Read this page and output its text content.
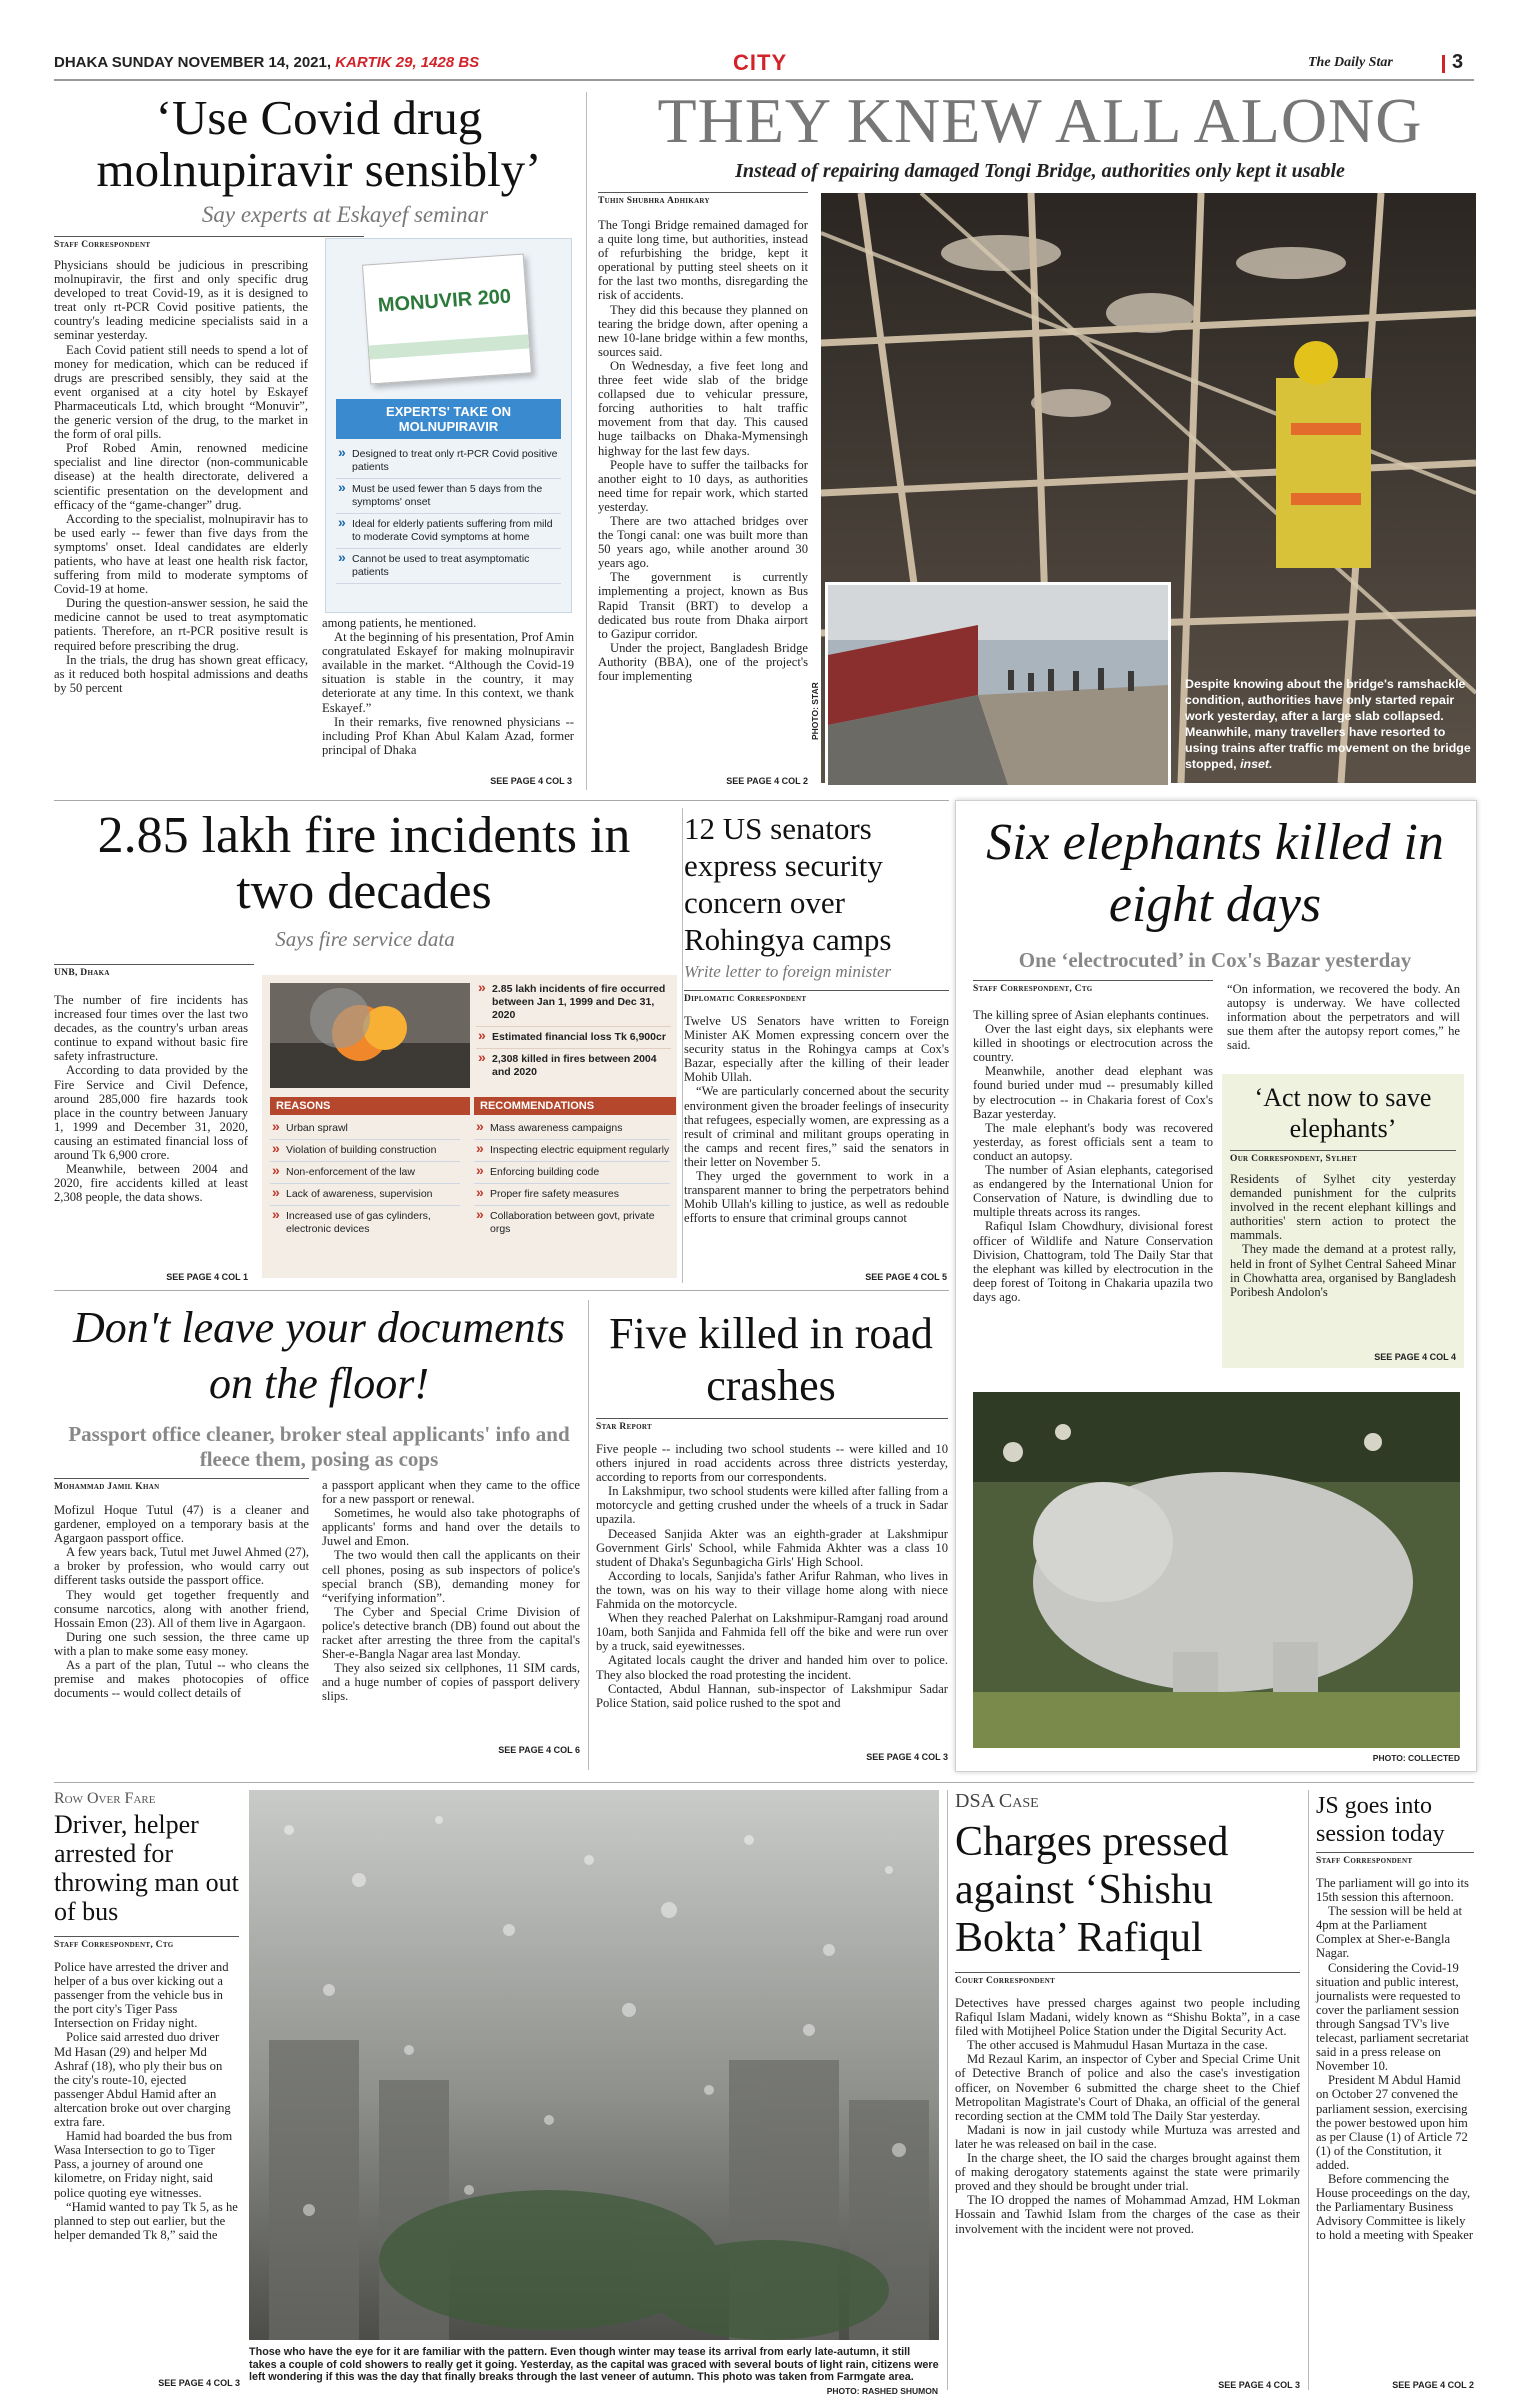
DHAKA SUNDAY NOVEMBER 14, 2021, KARTIK 29, 1428 BS	CITY	The Daily Star	3
‘Use Covid drug molnupiravir sensibly’
Say experts at Eskayef seminar
Staff Correspondent

Physicians should be judicious in prescribing molnupiravir, the first and only specific drug developed to treat Covid-19, as it is designed to treat only rt-PCR Covid positive patients, the country's leading medicine specialists said in a seminar yesterday.

Each Covid patient still needs to spend a lot of money for medication, which can be reduced if drugs are prescribed sensibly, they said at the event organised at a city hotel by Eskayef Pharmaceuticals Ltd, which brought “Monuvir”, the generic version of the drug, to the market in the form of oral pills.

Prof Robed Amin, renowned medicine specialist and line director (non-communicable disease) at the health directorate, delivered a scientific presentation on the development and efficacy of the “game-changer” drug.

According to the specialist, molnupiravir has to be used early -- fewer than five days from the symptoms' onset. Ideal candidates are elderly patients, who have at least one health risk factor, suffering from mild to moderate symptoms of Covid-19 at home.

During the question-answer session, he said the medicine cannot be used to treat asymptomatic patients. Therefore, an rt-PCR positive result is required before prescribing the drug.

In the trials, the drug has shown great efficacy, as it reduced both hospital admissions and deaths by 50 percent

MONUVIR 200
EXPERTS' TAKE ON MOLNUPIRAVIR
» Designed to treat only rt-PCR Covid positive patients
» Must be used fewer than 5 days from the symptoms' onset
» Ideal for elderly patients suffering from mild to moderate Covid symptoms at home
» Cannot be used to treat asymptomatic patients

among patients, he mentioned.

At the beginning of his presentation, Prof Amin congratulated Eskayef for making molnupiravir available in the market. “Although the Covid-19 situation is stable in the country, it may deteriorate at any time. In this context, we thank Eskayef.”

In their remarks, five renowned physicians -- including Prof Khan Abul Kalam Azad, former principal of Dhaka

SEE PAGE 4 COL 3
THEY KNEW ALL ALONG
Instead of repairing damaged Tongi Bridge, authorities only kept it usable
Tuhin Shubhra Adhikary

The Tongi Bridge remained damaged for a quite long time, but authorities, instead of refurbishing the bridge, kept it operational by putting steel sheets on it for the last two months, disregarding the risk of accidents.

They did this because they planned on tearing the bridge down, after opening a new 10-lane bridge within a few months, sources said.

On Wednesday, a five feet long and three feet wide slab of the bridge collapsed due to vehicular pressure, forcing authorities to halt traffic movement from that day. This caused huge tailbacks on Dhaka-Mymensingh highway for the last few days.

People have to suffer the tailbacks for another eight to 10 days, as authorities need time for repair work, which started yesterday.

There are two attached bridges over the Tongi canal: one was built more than 50 years ago, while another around 30 years ago.

The government is currently implementing a project, known as Bus Rapid Transit (BRT) to develop a dedicated bus route from Dhaka airport to Gazipur corridor.

Under the project, Bangladesh Bridge Authority (BBA), one of the project's four implementing

SEE PAGE 4 COL 2
PHOTO: STAR	Despite knowing about the bridge's ramshackle condition, authorities have only started repair work yesterday, after a large slab collapsed. Meanwhile, many travellers have resorted to using trains after traffic movement on the bridge stopped, inset.
2.85 lakh fire incidents in two decades
Says fire service data
UNB, Dhaka

The number of fire incidents has increased four times over the last two decades, as the country's urban areas continue to expand without basic fire safety infrastructure.

According to data provided by the Fire Service and Civil Defence, around 285,000 fire hazards took place in the country between January 1, 1999 and December 31, 2020, causing an estimated financial loss of around Tk 6,900 crore.

Meanwhile, between 2004 and 2020, fire accidents killed at least 2,308 people, the data shows.

SEE PAGE 4 COL 1
» 2.85 lakh incidents of fire occurred between Jan 1, 1999 and Dec 31, 2020
» Estimated financial loss Tk 6,900cr
» 2,308 killed in fires between 2004 and 2020
REASONS
» Urban sprawl
» Violation of building construction
» Non-enforcement of the law
» Lack of awareness, supervision
» Increased use of gas cylinders, electronic devices
RECOMMENDATIONS
» Mass awareness campaigns
» Inspecting electric equipment regularly
» Enforcing building code
» Proper fire safety measures
» Collaboration between govt, private orgs
12 US senators express security concern over Rohingya camps
Write letter to foreign minister
Diplomatic Correspondent

Twelve US Senators have written to Foreign Minister AK Momen expressing concern over the security status in the Rohingya camps at Cox's Bazar, especially after the killing of their leader Mohib Ullah.

“We are particularly concerned about the security environment given the broader feelings of insecurity that refugees, especially women, are expressing as a result of criminal and militant groups operating in the camps and recent fires,” said the senators in their letter on November 5.

They urged the government to work in a transparent manner to bring the perpetrators behind Mohib Ullah's killing to justice, as well as redouble efforts to ensure that criminal groups cannot

SEE PAGE 4 COL 5
Six elephants killed in eight days
One ‘electrocuted’ in Cox's Bazar yesterday
Staff Correspondent, Ctg

The killing spree of Asian elephants continues.

Over the last eight days, six elephants were killed in shootings or electrocution across the country.

Meanwhile, another dead elephant was found buried under mud -- presumably killed by electrocution -- in Chakaria forest of Cox's Bazar yesterday.

The male elephant's body was recovered yesterday, as forest officials sent a team to conduct an autopsy.

The number of Asian elephants, categorised as endangered by the International Union for Conservation of Nature, is dwindling due to multiple threats across its ranges.

Rafiqul Islam Chowdhury, divisional forest officer of Wildlife and Nature Conservation Division, Chattogram, told The Daily Star that the elephant was killed by electrocution in the deep forest of Toitong in Chakaria upazila two days ago.

“On information, we recovered the body. An autopsy is underway. We have collected information about the perpetrators and will sue them after the autopsy report comes,” he said.

‘Act now to save elephants’
Our Correspondent, Sylhet

Residents of Sylhet city yesterday demanded punishment for the culprits involved in the recent elephant killings and authorities' stern action to protect the mammals.

They made the demand at a protest rally, held in front of Sylhet Central Saheed Minar in Chowhatta area, organised by Bangladesh Poribesh Andolon's

SEE PAGE 4 COL 4
PHOTO: COLLECTED
Don't leave your documents on the floor!
Passport office cleaner, broker steal applicants' info and fleece them, posing as cops
Mohammad Jamil Khan

Mofizul Hoque Tutul (47) is a cleaner and gardener, employed on a temporary basis at the Agargaon passport office.

A few years back, Tutul met Juwel Ahmed (27), a broker by profession, who would carry out different tasks outside the passport office.

They would get together frequently and consume narcotics, along with another friend, Hossain Emon (23). All of them live in Agargaon.

During one such session, the three came up with a plan to make some easy money.

As a part of the plan, Tutul -- who cleans the premise and makes photocopies of office documents -- would collect details of

a passport applicant when they came to the office for a new passport or renewal.

Sometimes, he would also take photographs of applicants' forms and hand over the details to Juwel and Emon.

The two would then call the applicants on their cell phones, posing as sub inspectors of police's special branch (SB), demanding money for “verifying information”.

The Cyber and Special Crime Division of police's detective branch (DB) found out about the racket after arresting the three from the capital's Sher-e-Bangla Nagar area last Monday.

They also seized six cellphones, 11 SIM cards, and a huge number of copies of passport delivery slips.

SEE PAGE 4 COL 6
Five killed in road crashes
Star Report

Five people -- including two school students -- were killed and 10 others injured in road accidents across three districts yesterday, according to reports from our correspondents.

In Lakshmipur, two school students were killed after falling from a motorcycle and getting crushed under the wheels of a truck in Sadar upazila.

Deceased Sanjida Akter was an eighth-grader at Lakshmipur Government Girls' School, while Fahmida Akhter was a class 10 student of Dhaka's Segunbagicha Girls' High School.

According to locals, Sanjida's father Arifur Rahman, who lives in the town, was on his way to their village home along with niece Fahmida on the motorcycle.

When they reached Palerhat on Lakshmipur-Ramganj road around 10am, both Sanjida and Fahmida fell off the bike and were run over by a truck, said eyewitnesses.

Agitated locals caught the driver and handed him over to police. They also blocked the road protesting the incident.

Contacted, Abdul Hannan, sub-inspector of Lakshmipur Sadar Police Station, said police rushed to the spot and

SEE PAGE 4 COL 3
Row Over Fare
Driver, helper arrested for throwing man out of bus
Staff Correspondent, Ctg

Police have arrested the driver and helper of a bus over kicking out a passenger from the vehicle bus in the port city's Tiger Pass Intersection on Friday night.

Police said arrested duo driver Md Hasan (29) and helper Md Ashraf (18), who ply their bus on the city's route-10, ejected passenger Abdul Hamid after an altercation broke out over charging extra fare.

Hamid had boarded the bus from Wasa Intersection to go to Tiger Pass, a journey of around one kilometre, on Friday night, said police quoting eye witnesses.

“Hamid wanted to pay Tk 5, as he planned to step out earlier, but the helper demanded Tk 8,” said the

SEE PAGE 4 COL 3
Those who have the eye for it are familiar with the pattern. Even though winter may tease its arrival from early late-autumn, it still takes a couple of cold showers to really get it going. Yesterday, as the capital was graced with several bouts of light rain, citizens were left wondering if this was the day that finally breaks through the last veneer of autumn. This photo was taken from Farmgate area.
PHOTO: RASHED SHUMON
DSA Case
Charges pressed against ‘Shishu Bokta’ Rafiqul
Court Correspondent

Detectives have pressed charges against two people including Rafiqul Islam Madani, widely known as “Shishu Bokta”, in a case filed with Motijheel Police Station under the Digital Security Act.

The other accused is Mahmudul Hasan Murtaza in the case.

Md Rezaul Karim, an inspector of Cyber and Special Crime Unit of Detective Branch of police and also the case's investigation officer, on November 6 submitted the charge sheet to the Chief Metropolitan Magistrate's Court of Dhaka, an official of the general recording section at the CMM told The Daily Star yesterday.

Madani is now in jail custody while Murtuza was arrested and later he was released on bail in the case.

In the charge sheet, the IO said the charges brought against them of making derogatory statements against the state were primarily proved and they should be brought under trial.

The IO dropped the names of Mohammad Amzad, HM Lokman Hossain and Tawhid Islam from the charges of the case as their involvement with the incident were not proved.

SEE PAGE 4 COL 3
JS goes into session today
Staff Correspondent

The parliament will go into its 15th session this afternoon.

The session will be held at 4pm at the Parliament Complex at Sher-e-Bangla Nagar.

Considering the Covid-19 situation and public interest, journalists were requested to cover the parliament session through Sangsad TV's live telecast, parliament secretariat said in a press release on November 10.

President M Abdul Hamid on October 27 convened the parliament session, exercising the power bestowed upon him as per Clause (1) of Article 72 (1) of the Constitution, it added.

Before commencing the House proceedings on the day, the Parliamentary Business Advisory Committee is likely to hold a meeting with Speaker

SEE PAGE 4 COL 2
